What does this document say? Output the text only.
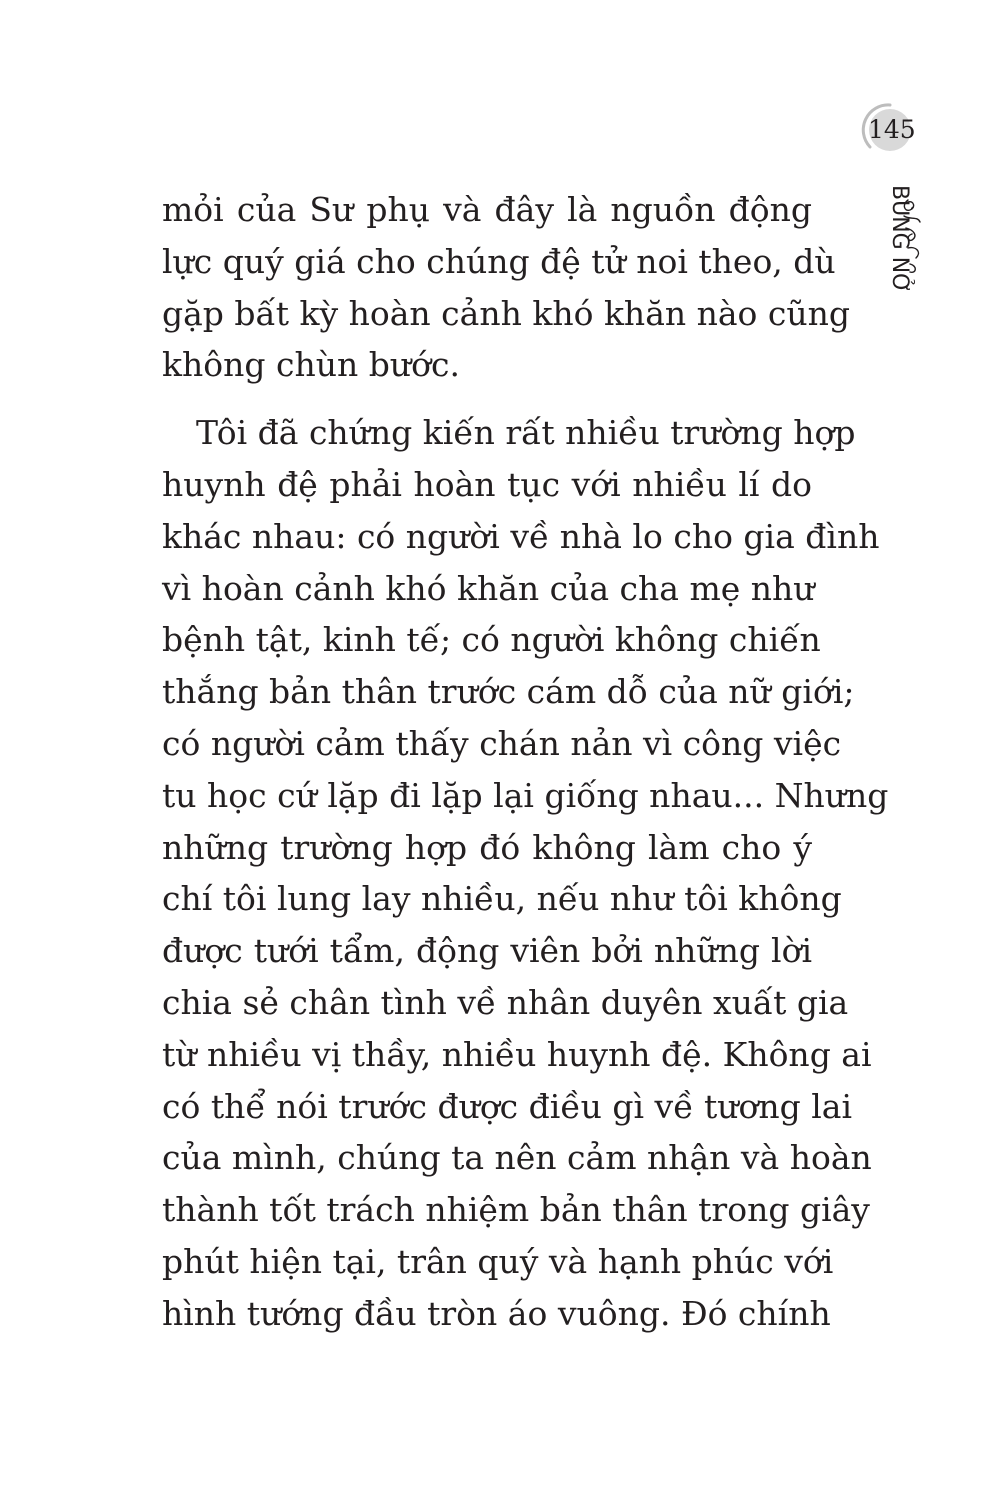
145
BÙNG NỞ

mỏi của Sư phụ và đây là nguồn động
lực quý giá cho chúng đệ tử noi theo, dù
gặp bất kỳ hoàn cảnh khó khăn nào cũng
không chùn bước.

Tôi đã chứng kiến rất nhiều trường hợp
huynh đệ phải hoàn tục với nhiều lí do
khác nhau: có người về nhà lo cho gia đình
vì hoàn cảnh khó khăn của cha mẹ như
bệnh tật, kinh tế; có người không chiến
thắng bản thân trước cám dỗ của nữ giới;
có người cảm thấy chán nản vì công việc
tu học cứ lặp đi lặp lại giống nhau... Nhưng
những trường hợp đó không làm cho ý
chí tôi lung lay nhiều, nếu như tôi không
được tưới tẩm, động viên bởi những lời
chia sẻ chân tình về nhân duyên xuất gia
từ nhiều vị thầy, nhiều huynh đệ. Không ai
có thể nói trước được điều gì về tương lai
của mình, chúng ta nên cảm nhận và hoàn
thành tốt trách nhiệm bản thân trong giây
phút hiện tại, trân quý và hạnh phúc với
hình tướng đầu tròn áo vuông. Đó chính
